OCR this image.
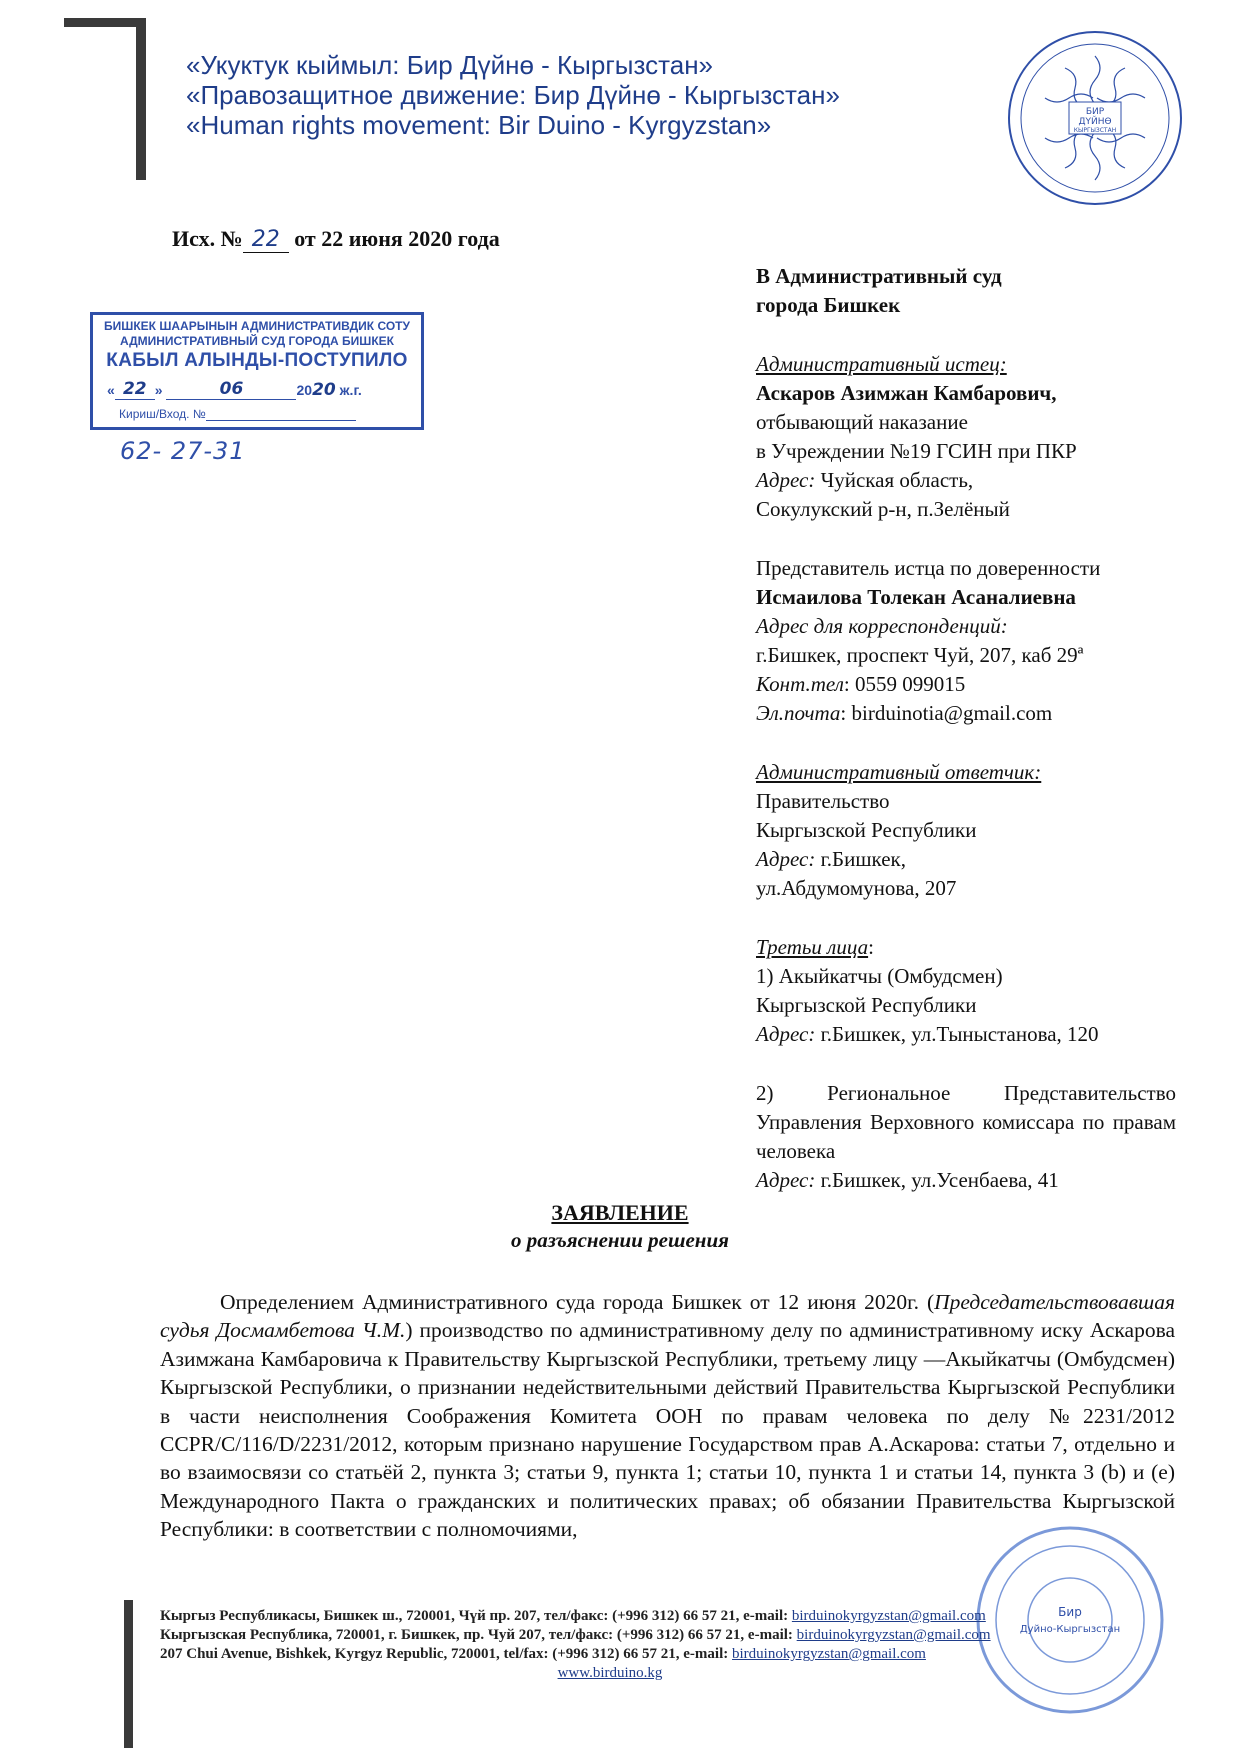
«Укуктук кыймыл: Бир Дүйнө - Кыргызстан»
«Правозащитное движение: Бир Дүйнө - Кыргызстан»
«Human rights movement: Bir Duino - Kyrgyzstan»	БИР
ДҮЙНӨ
КЫРГЫЗСТАН
Исх. № 22 от 22 июня 2020 года
БИШКЕК ШААРЫНЫН АДМИНИСТРАТИВДИК СОТУ
АДМИНИСТРАТИВНЫЙ СУД ГОРОДА БИШКЕК
КАБЫЛ АЛЫНДЫ-ПОСТУПИЛО
« 22 »	06	2020 ж.г.
Кириш/Вход. №
62- 27-31
В Административный суд
города Бишкек
Административный истец:
Аскаров Азимжан Камбарович,
отбывающий наказание
в Учреждении №19 ГСИН при ПКР
Адрес: Чуйская область,
Сокулукский р-н, п.Зелёный
Представитель истца по доверенности
Исмаилова Толекан Асаналиевна
Адрес для корреспонденций:
г.Бишкек, проспект Чуй, 207, каб 29ª
Конт.тел: 0559 099015
Эл.почта: birduinotia@gmail.com
Административный ответчик:
Правительство
Кыргызской Республики
Адрес: г.Бишкек,
ул.Абдумомунова, 207
Третьи лица:
1) Акыйкатчы (Омбудсмен)
Кыргызской Республики
Адрес: г.Бишкек, ул.Тыныстанова, 120
2) Региональное Представительство Управления Верховного комиссара по правам человека
Адрес: г.Бишкек, ул.Усенбаева, 41
ЗАЯВЛЕНИЕ
о разъяснении решения
Определением Административного суда города Бишкек от 12 июня 2020г. (Председательствовавшая судья Досмамбетова Ч.М.) производство по административному делу по административному иску Аскарова Азимжана Камбаровича к Правительству Кыргызской Республики, третьему лицу —Акыйкатчы (Омбудсмен) Кыргызской Республики, о признании недействительными действий Правительства Кыргызской Республики в части неисполнения Соображения Комитета ООН по правам человека по делу №2231/2012 CCPR/C/116/D/2231/2012, которым признано нарушение Государством прав А.Аскарова: статьи 7, отдельно и во взаимосвязи со статьёй 2, пункта 3; статьи 9, пункта 1; статьи 10, пункта 1 и статьи 14, пункта 3 (b) и (e) Международного Пакта о гражданских и политических правах; об обязании Правительства Кыргызской Республики: в соответствии с полномочиями,
Бир
Дуйно-Кыргызстан
Кыргыз Республикасы, Бишкек ш., 720001, Чүй пр. 207, тел/факс: (+996 312) 66 57 21, e-mail: birduinokyrgyzstan@gmail.com
Кыргызская Республика, 720001, г. Бишкек, пр. Чуй 207, тел/факс: (+996 312) 66 57 21, e-mail: birduinokyrgyzstan@gmail.com
207 Chui Avenue, Bishkek, Kyrgyz Republic, 720001, tel/fax: (+996 312) 66 57 21, e-mail: birduinokyrgyzstan@gmail.com
www.birduino.kg
